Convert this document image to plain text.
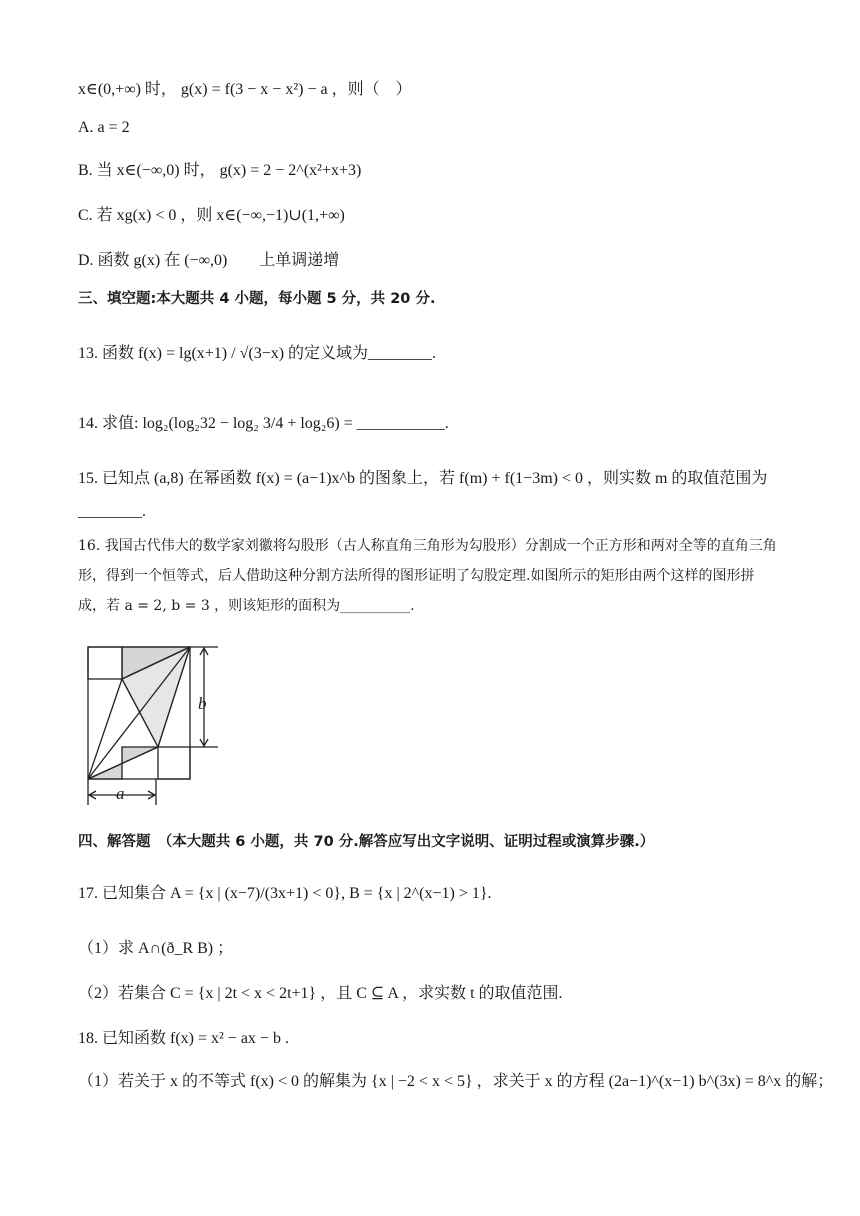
x∈(0,+∞) 时， g(x) = f(3 − x − x²) − a ，则（　）
A. a = 2
B. 当 x∈(−∞,0) 时， g(x) = 2 − 2^(x²+x+3)
C. 若 xg(x) < 0 ，则 x∈(−∞,−1)∪(1,+∞)
D. 函数 g(x) 在 (−∞,0)　　上单调递增
三、填空题:本大题共 4 小题，每小题 5 分，共 20 分.
13. 函数 f(x) = lg(x+1) / √(3−x) 的定义域为________.
14. 求值: log₂(log₂32 − log₂ 3/4 + log₂6) = ___________.
15. 已知点 (a,8) 在幂函数 f(x) = (a−1)x^b 的图象上，若 f(m) + f(1−3m) < 0 ，则实数 m 的取值范围为
________.
16. 我国古代伟大的数学家刘徽将勾股形（古人称直角三角形为勾股形）分割成一个正方形和两对全等的直角三角形，得到一个恒等式，后人借助这种分割方法所得的图形证明了勾股定理.如图所示的矩形由两个这样的图形拼成，若 a = 2, b = 3 ，则该矩形的面积为__________.
b
a
四、解答题　（本大题共 6 小题，共 70 分.解答应写出文字说明、证明过程或演算步骤.）
17. 已知集合 A = {x | (x−7)/(3x+1) < 0}, B = {x | 2^(x−1) > 1}.
（1）求 A∩(ð_R B) ；
（2）若集合 C = {x | 2t < x < 2t+1} ，且 C ⊆ A ，求实数 t 的取值范围.
18. 已知函数 f(x) = x² − ax − b .
（1）若关于 x 的不等式 f(x) < 0 的解集为 {x | −2 < x < 5} ，求关于 x 的方程 (2a−1)^(x−1) b^(3x) = 8^x 的解；
